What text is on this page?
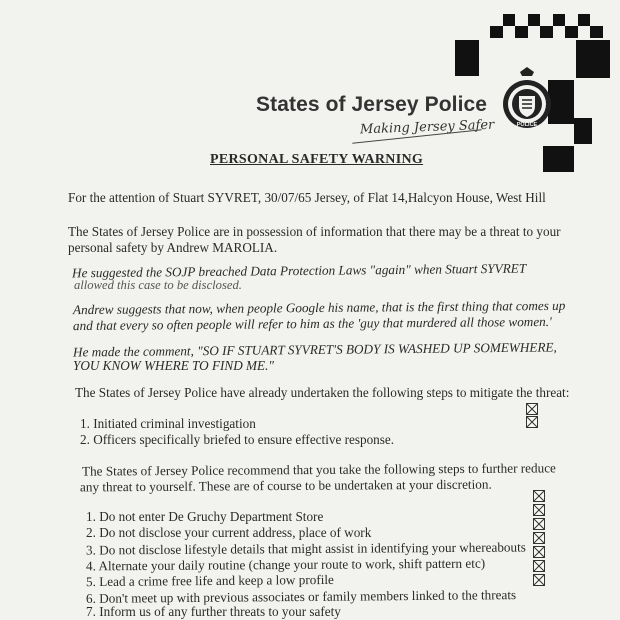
POLICE
States of Jersey Police
Making Jersey Safer
PERSONAL SAFETY WARNING
For the attention of Stuart SYVRET, 30/07/65 Jersey, of Flat 14,Halcyon House, West Hill
The States of Jersey Police are in possession of information that there may be a threat to your
personal safety by Andrew MAROLIA.
He suggested the SOJP breached Data Protection Laws "again" when Stuart SYVRET
allowed this case to be disclosed.
Andrew suggests that now, when people Google his name, that is the first thing that comes up
and that every so often people will refer to him as the 'guy that murdered all those women.'
He made the comment, "SO IF STUART SYVRET'S BODY IS WASHED UP SOMEWHERE,
YOU KNOW WHERE TO FIND ME."
The States of Jersey Police have already undertaken the following steps to mitigate the threat:
1. Initiated criminal investigation
2. Officers specifically briefed to ensure effective response.
The States of Jersey Police recommend that you take the following steps to further reduce
any threat to yourself. These are of course to be undertaken at your discretion.
1. Do not enter De Gruchy Department Store
2. Do not disclose your current address, place of work
3. Do not disclose lifestyle details that might assist in identifying your whereabouts
4. Alternate your daily routine (change your route to work, shift pattern etc)
5. Lead a crime free life and keep a low profile
6. Don't meet up with previous associates or family members linked to the threats
7. Inform us of any further threats to your safety
